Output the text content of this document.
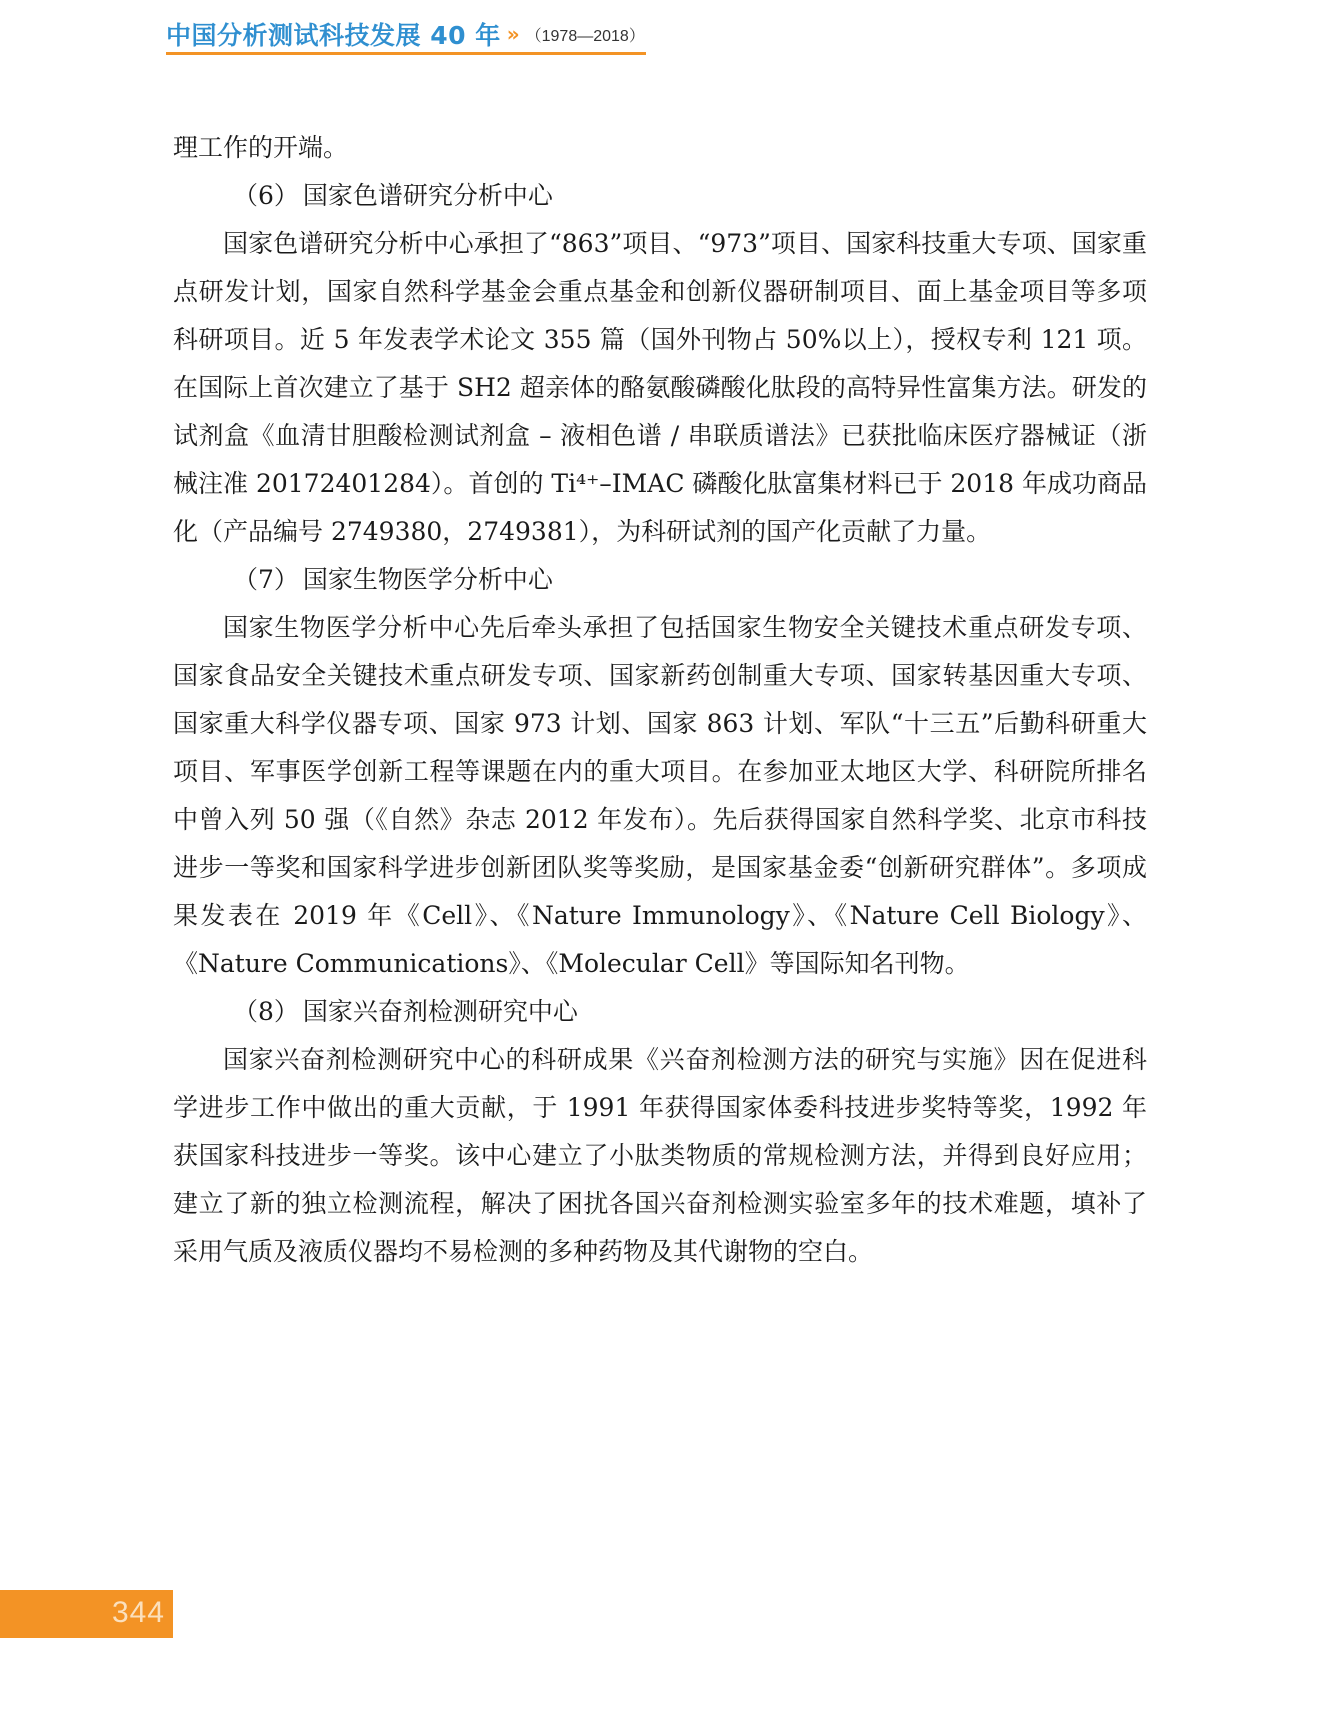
中国分析测试科技发展 40 年 » （1978—2018）

理工作的开端。

（6） 国家色谱研究分析中心

国家色谱研究分析中心承担了“863”项目、“973”项目、国家科技重大专项、国家重点研发计划，国家自然科学基金会重点基金和创新仪器研制项目、面上基金项目等多项科研项目。近 5 年发表学术论文 355 篇（国外刊物占 50%以上），授权专利 121 项。在国际上首次建立了基于 SH2 超亲体的酪氨酸磷酸化肽段的高特异性富集方法。研发的试剂盒《血清甘胆酸检测试剂盒 – 液相色谱 / 串联质谱法》已获批临床医疗器械证（浙械注准 20172401284）。首创的 Ti⁴⁺–IMAC 磷酸化肽富集材料已于 2018 年成功商品化（产品编号 2749380，2749381），为科研试剂的国产化贡献了力量。

（7） 国家生物医学分析中心

国家生物医学分析中心先后牵头承担了包括国家生物安全关键技术重点研发专项、国家食品安全关键技术重点研发专项、国家新药创制重大专项、国家转基因重大专项、国家重大科学仪器专项、国家 973 计划、国家 863 计划、军队“十三五”后勤科研重大项目、军事医学创新工程等课题在内的重大项目。在参加亚太地区大学、科研院所排名中曾入列 50 强（《自然》杂志 2012 年发布）。先后获得国家自然科学奖、北京市科技进步一等奖和国家科学进步创新团队奖等奖励，是国家基金委“创新研究群体”。多项成果发表在 2019 年《Cell》、《Nature Immunology》、《Nature Cell Biology》、《Nature Communications》、《Molecular Cell》等国际知名刊物。

（8） 国家兴奋剂检测研究中心

国家兴奋剂检测研究中心的科研成果《兴奋剂检测方法的研究与实施》因在促进科学进步工作中做出的重大贡献，于 1991 年获得国家体委科技进步奖特等奖，1992 年获国家科技进步一等奖。该中心建立了小肽类物质的常规检测方法，并得到良好应用；建立了新的独立检测流程，解决了困扰各国兴奋剂检测实验室多年的技术难题，填补了采用气质及液质仪器均不易检测的多种药物及其代谢物的空白。

344
